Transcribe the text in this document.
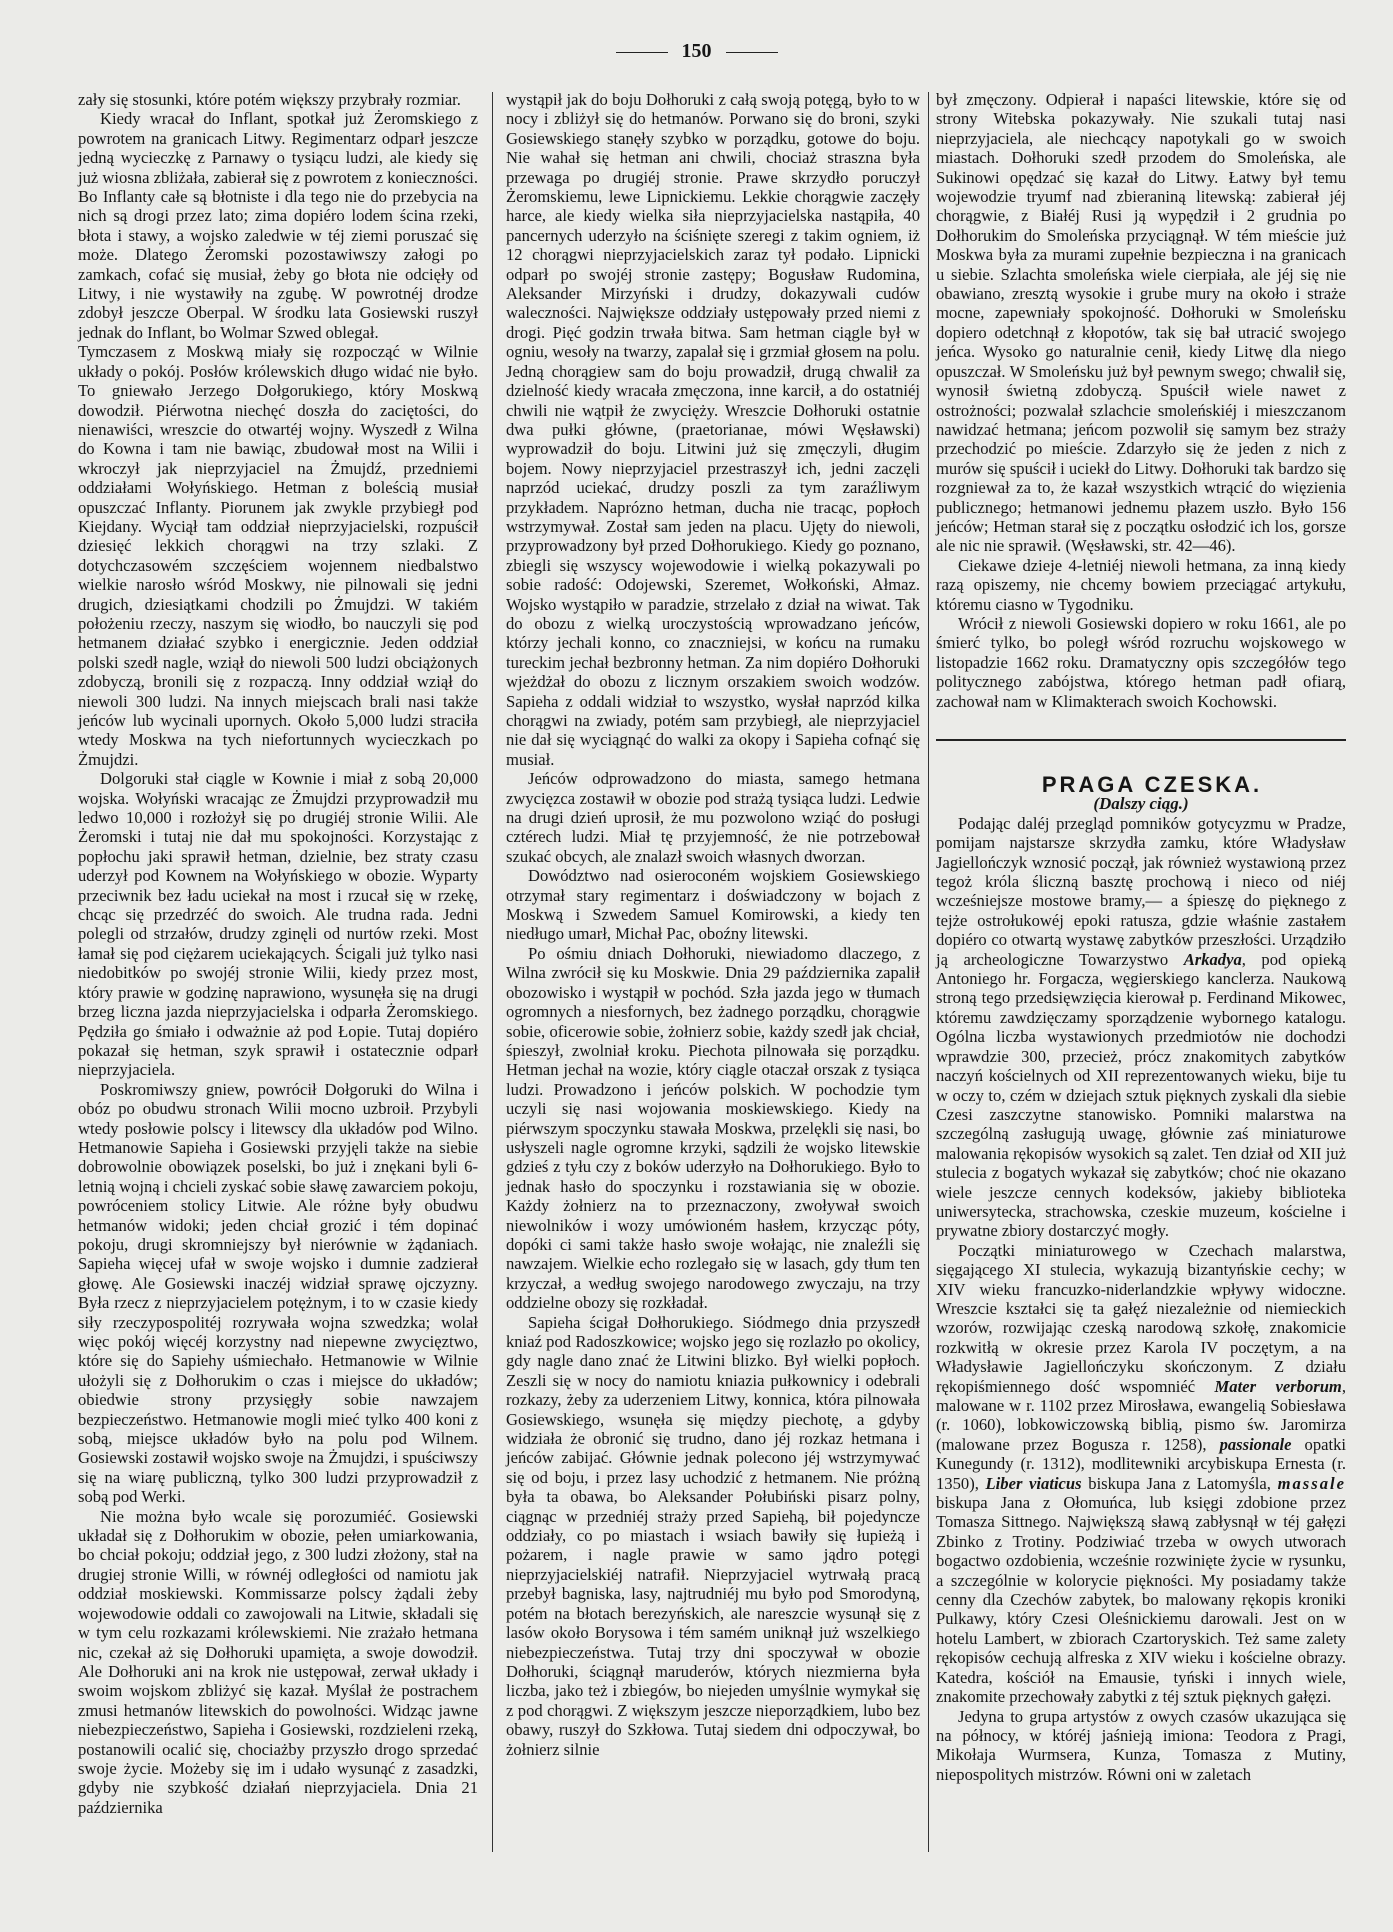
150

zały się stosunki, które potém większy przybrały rozmiar.

Kiedy wracał do Inflant, spotkał już Żeromskiego z powrotem na granicach Litwy. Regimentarz odparł jeszcze jedną wycieczkę z Parnawy o tysiącu ludzi, ale kiedy się już wiosna zbliżała, zabierał się z powrotem z konieczności. Bo Inflanty całe są błotniste i dla tego nie do przebycia na nich są drogi przez lato; zima dopiéro lodem ścina rzeki, błota i stawy, a wojsko zaledwie w téj ziemi poruszać się może. Dlatego Żeromski pozostawiwszy załogi po zamkach, cofać się musiał, żeby go błota nie odcięły od Litwy, i nie wystawiły na zgubę. W powrotnéj drodze zdobył jeszcze Oberpal. W środku lata Gosiewski ruszył jednak do Inflant, bo Wolmar Szwed oblegał.

Tymczasem z Moskwą miały się rozpocząć w Wilnie układy o pokój. Posłów królewskich długo widać nie było. To gniewało Jerzego Dołgorukiego, który Moskwą dowodził. Piérwotna niechęć doszła do zaciętości, do nienawiści, wreszcie do otwartéj wojny. Wyszedł z Wilna do Kowna i tam nie bawiąc, zbudował most na Wilii i wkroczył jak nieprzyjaciel na Żmujdź, przedniemi oddziałami Wołyńskiego. Hetman z boleścią musiał opuszczać Inflanty. Piorunem jak zwykle przybiegł pod Kiejdany. Wyciął tam oddział nieprzyjacielski, rozpuścił dziesięć lekkich chorągwi na trzy szlaki. Z dotychczasowém szczęściem wojennem niedbalstwo wielkie narosło wśród Moskwy, nie pilnowali się jedni drugich, dziesiątkami chodzili po Żmujdzi. W takiém położeniu rzeczy, naszym się wiodło, bo nauczyli się pod hetmanem działać szybko i energicznie. Jeden oddział polski szedł nagle, wziął do niewoli 500 ludzi obciążonych zdobyczą, bronili się z rozpaczą. Inny oddział wziął do niewoli 300 ludzi. Na innych miejscach brali nasi także jeńców lub wycinali upornych. Około 5,000 ludzi straciła wtedy Moskwa na tych niefortunnych wycieczkach po Żmujdzi.

Dolgoruki stał ciągle w Kownie i miał z sobą 20,000 wojska. Wołyński wracając ze Żmujdzi przyprowadził mu ledwo 10,000 i rozłożył się po drugiéj stronie Wilii. Ale Żeromski i tutaj nie dał mu spokojności. Korzystając z popłochu jaki sprawił hetman, dzielnie, bez straty czasu uderzył pod Kownem na Wołyńskiego w obozie. Wyparty przeciwnik bez ładu uciekał na most i rzucał się w rzekę, chcąc się przedrzéć do swoich. Ale trudna rada. Jedni polegli od strzałów, drudzy zginęli od nurtów rzeki. Most łamał się pod ciężarem uciekających. Ścigali już tylko nasi niedobitków po swojéj stronie Wilii, kiedy przez most, który prawie w godzinę naprawiono, wysunęła się na drugi brzeg liczna jazda nieprzyjacielska i odparła Żeromskiego. Pędziła go śmiało i odważnie aż pod Łopie. Tutaj dopiéro pokazał się hetman, szyk sprawił i ostatecznie odparł nieprzyjaciela.

Poskromiwszy gniew, powrócił Dołgoruki do Wilna i obóz po obudwu stronach Wilii mocno uzbroił. Przybyli wtedy posłowie polscy i litewscy dla układów pod Wilno. Hetmanowie Sapieha i Gosiewski przyjęli także na siebie dobrowolnie obowiązek poselski, bo już i znękani byli 6-letnią wojną i chcieli zyskać sobie sławę zawarciem pokoju, powróceniem stolicy Litwie. Ale różne były obudwu hetmanów widoki; jeden chciał grozić i tém dopinać pokoju, drugi skromniejszy był nierównie w żądaniach. Sapieha więcej ufał w swoje wojsko i dumnie zadzierał głowę. Ale Gosiewski inaczéj widział sprawę ojczyzny. Była rzecz z nieprzyjacielem potężnym, i to w czasie kiedy siły rzeczypospolitéj rozrywała wojna szwedzka; wolał więc pokój więcéj korzystny nad niepewne zwycięztwo, które się do Sapiehy uśmiechało. Hetmanowie w Wilnie ułożyli się z Dołhorukim o czas i miejsce do układów; obiedwie strony przysięgły sobie nawzajem bezpieczeństwo. Hetmanowie mogli mieć tylko 400 koni z sobą, miejsce układów było na polu pod Wilnem. Gosiewski zostawił wojsko swoje na Żmujdzi, i spuściwszy się na wiarę publiczną, tylko 300 ludzi przyprowadził z sobą pod Werki.

Nie można było wcale się porozumiéć. Gosiewski układał się z Dołhorukim w obozie, pełen umiarkowania, bo chciał pokoju; oddział jego, z 300 ludzi złożony, stał na drugiej stronie Willi, w równéj odległości od namiotu jak oddział moskiewski. Kommissarze polscy żądali żeby wojewodowie oddali co zawojowali na Litwie, składali się w tym celu rozkazami królewskiemi. Nie zrażało hetmana nic, czekał aż się Dołhoruki upamięta, a swoje dowodził. Ale Dołhoruki ani na krok nie ustępował, zerwał układy i swoim wojskom zbliżyć się kazał. Myślał że postrachem zmusi hetmanów litewskich do powolności. Widząc jawne niebezpieczeństwo, Sapieha i Gosiewski, rozdzieleni rzeką, postanowili ocalić się, chociażby przyszło drogo sprzedać swoje życie. Możeby się im i udało wysunąć z zasadzki, gdyby nie szybkość działań nieprzyjaciela. Dnia 21 października

wystąpił jak do boju Dołhoruki z całą swoją potęgą, było to w nocy i zbliżył się do hetmanów. Porwano się do broni, szyki Gosiewskiego stanęły szybko w porządku, gotowe do boju. Nie wahał się hetman ani chwili, chociaż straszna była przewaga po drugiéj stronie. Prawe skrzydło poruczył Żeromskiemu, lewe Lipnickiemu. Lekkie chorągwie zaczęły harce, ale kiedy wielka siła nieprzyjacielska nastąpiła, 40 pancernych uderzyło na ściśnięte szeregi z takim ogniem, iż 12 chorągwi nieprzyjacielskich zaraz tył podało. Lipnicki odparł po swojéj stronie zastępy; Bogusław Rudomina, Aleksander Mirzyński i drudzy, dokazywali cudów waleczności. Największe oddziały ustępowały przed niemi z drogi. Pięć godzin trwała bitwa. Sam hetman ciągle był w ogniu, wesoły na twarzy, zapalał się i grzmiał głosem na polu. Jedną chorągiew sam do boju prowadził, drugą chwalił za dzielność kiedy wracała zmęczona, inne karcił, a do ostatniéj chwili nie wątpił że zwycięży. Wreszcie Dołhoruki ostatnie dwa pułki główne, (praetorianae, mówi Węsławski) wyprowadził do boju. Litwini już się zmęczyli, długim bojem. Nowy nieprzyjaciel przestraszył ich, jedni zaczęli naprzód uciekać, drudzy poszli za tym zaraźliwym przykładem. Naprózno hetman, ducha nie tracąc, popłoch wstrzymywał. Został sam jeden na placu. Ujęty do niewoli, przyprowadzony był przed Dołhorukiego. Kiedy go poznano, zbiegli się wszyscy wojewodowie i wielką pokazywali po sobie radość: Odojewski, Szeremet, Wołkoński, Ałmaz. Wojsko wystąpiło w paradzie, strzelało z dział na wiwat. Tak do obozu z wielką uroczystością wprowadzano jeńców, którzy jechali konno, co znaczniejsi, w końcu na rumaku tureckim jechał bezbronny hetman. Za nim dopiéro Dołhoruki wjeżdżał do obozu z licznym orszakiem swoich wodzów. Sapieha z oddali widział to wszystko, wysłał naprzód kilka chorągwi na zwiady, potém sam przybiegł, ale nieprzyjaciel nie dał się wyciągnąć do walki za okopy i Sapieha cofnąć się musiał.

Jeńców odprowadzono do miasta, samego hetmana zwycięzca zostawił w obozie pod strażą tysiąca ludzi. Ledwie na drugi dzień uprosił, że mu pozwolono wziąć do posługi cztérech ludzi. Miał tę przyjemność, że nie potrzebował szukać obcych, ale znalazł swoich własnych dworzan.

Dowództwo nad osieroconém wojskiem Gosiewskiego otrzymał stary regimentarz i doświadczony w bojach z Moskwą i Szwedem Samuel Komirowski, a kiedy ten niedługo umarł, Michał Pac, oboźny litewski.

Po ośmiu dniach Dołhoruki, niewiadomo dlaczego, z Wilna zwrócił się ku Moskwie. Dnia 29 października zapalił obozowisko i wystąpił w pochód. Szła jazda jego w tłumach ogromnych a niesfornych, bez żadnego porządku, chorągwie sobie, oficerowie sobie, żołnierz sobie, każdy szedł jak chciał, śpieszył, zwolniał kroku. Piechota pilnowała się porządku. Hetman jechał na wozie, który ciągle otaczał orszak z tysiąca ludzi. Prowadzono i jeńców polskich. W pochodzie tym uczyli się nasi wojowania moskiewskiego. Kiedy na piérwszym spoczynku stawała Moskwa, przelękli się nasi, bo usłyszeli nagle ogromne krzyki, sądzili że wojsko litewskie gdzieś z tyłu czy z boków uderzyło na Dołhorukiego. Było to jednak hasło do spoczynku i rozstawiania się w obozie. Każdy żołnierz na to przeznaczony, zwoływał swoich niewolników i wozy umówioném hasłem, krzycząc póty, dopóki ci sami także hasło swoje wołając, nie znaleźli się nawzajem. Wielkie echo rozlegało się w lasach, gdy tłum ten krzyczał, a według swojego narodowego zwyczaju, na trzy oddzielne obozy się rozkładał.

Sapieha ścigał Dołhorukiego. Siódmego dnia przyszedł kniaź pod Radoszkowice; wojsko jego się rozlazło po okolicy, gdy nagle dano znać że Litwini blizko. Był wielki popłoch. Zeszli się w nocy do namiotu kniazia pułkownicy i odebrali rozkazy, żeby za uderzeniem Litwy, konnica, która pilnowała Gosiewskiego, wsunęła się między piechotę, a gdyby widziała że obronić się trudno, dano jéj rozkaz hetmana i jeńców zabijać. Głównie jednak polecono jéj wstrzymywać się od boju, i przez lasy uchodzić z hetmanem. Nie próżną była ta obawa, bo Aleksander Połubiński pisarz polny, ciągnąc w przedniéj straży przed Sapiehą, bił pojedyncze oddziały, co po miastach i wsiach bawiły się łupieżą i pożarem, i nagle prawie w samo jądro potęgi nieprzyjacielskiéj natrafił. Nieprzyjaciel wytrwałą pracą przebył bagniska, lasy, najtrudniéj mu było pod Smorodyną, potém na błotach berezyńskich, ale nareszcie wysunął się z lasów około Borysowa i tém samém uniknął już wszelkiego niebezpieczeństwa. Tutaj trzy dni spoczywał w obozie Dołhoruki, ściągnął maruderów, których niezmierna była liczba, jako też i zbiegów, bo niejeden umyślnie wymykał się z pod chorągwi. Z większym jeszcze nieporządkiem, lubo bez obawy, ruszył do Szkłowa. Tutaj siedem dni odpoczywał, bo żołnierz silnie

był zmęczony. Odpierał i napaści litewskie, które się od strony Witebska pokazywały. Nie szukali tutaj nasi nieprzyjaciela, ale niechcący napotykali go w swoich miastach. Dołhoruki szedł przodem do Smoleńska, ale Sukinowi opędzać się kazał do Litwy. Łatwy był temu wojewodzie tryumf nad zbieraniną litewską: zabierał jéj chorągwie, z Białéj Rusi ją wypędził i 2 grudnia po Dołhorukim do Smoleńska przyciągnął. W tém mieście już Moskwa była za murami zupełnie bezpieczna i na granicach u siebie. Szlachta smoleńska wiele cierpiała, ale jéj się nie obawiano, zresztą wysokie i grube mury na około i straże mocne, zapewniały spokojność. Dołhoruki w Smoleńsku dopiero odetchnął z kłopotów, tak się bał utracić swojego jeńca. Wysoko go naturalnie cenił, kiedy Litwę dla niego opuszczał. W Smoleńsku już był pewnym swego; chwalił się, wynosił świetną zdobyczą. Spuścił wiele nawet z ostrożności; pozwalał szlachcie smoleńskiéj i mieszczanom nawidzać hetmana; jeńcom pozwolił się samym bez straży przechodzić po mieście. Zdarzyło się że jeden z nich z murów się spuścił i uciekł do Litwy. Dołhoruki tak bardzo się rozgniewał za to, że kazał wszystkich wtrącić do więzienia publicznego; hetmanowi jednemu płazem uszło. Było 156 jeńców; Hetman starał się z początku osłodzić ich los, gorsze ale nic nie sprawił. (Węsławski, str. 42—46).

Ciekawe dzieje 4-letniéj niewoli hetmana, za inną kiedy razą opiszemy, nie chcemy bowiem przeciągać artykułu, któremu ciasno w Tygodniku.

Wrócił z niewoli Gosiewski dopiero w roku 1661, ale po śmierć tylko, bo poległ wśród rozruchu wojskowego w listopadzie 1662 roku. Dramatyczny opis szczegółów tego politycznego zabójstwa, którego hetman padł ofiarą, zachował nam w Klimakterach swoich Kochowski.

PRAGA CZESKA.

(Dalszy ciąg.)

Podając daléj przegląd pomników gotycyzmu w Pradze, pomijam najstarsze skrzydła zamku, które Władysław Jagiellończyk wznosić począł, jak również wystawioną przez tegoż króla śliczną basztę prochową i nieco od niéj wcześniejsze mostowe bramy,— a śpieszę do pięknego z tejże ostrołukowéj epoki ratusza, gdzie właśnie zastałem dopiéro co otwartą wystawę zabytków przeszłości. Urządziło ją archeologiczne Towarzystwo Arkadya, pod opieką Antoniego hr. Forgacza, węgierskiego kanclerza. Naukową stroną tego przedsięwzięcia kierował p. Ferdinand Mikowec, któremu zawdzięczamy sporządzenie wybornego katalogu. Ogólna liczba wystawionych przedmiotów nie dochodzi wprawdzie 300, przecież, prócz znakomitych zabytków naczyń kościelnych od XII reprezentowanych wieku, bije tu w oczy to, czém w dziejach sztuk pięknych zyskali dla siebie Czesi zaszczytne stanowisko. Pomniki malarstwa na szczególną zasługują uwagę, głównie zaś miniaturowe malowania rękopisów wysokich są zalet. Ten dział od XII już stulecia z bogatych wykazał się zabytków; choć nie okazano wiele jeszcze cennych kodeksów, jakieby biblioteka uniwersytecka, strachowska, czeskie muzeum, kościelne i prywatne zbiory dostarczyć mogły.

Początki miniaturowego w Czechach malarstwa, sięgającego XI stulecia, wykazują bizantyńskie cechy; w XIV wieku francuzko-niderlandzkie wpływy widoczne. Wreszcie kształci się ta gałęź niezależnie od niemieckich wzorów, rozwijając czeską narodową szkołę, znakomicie rozkwitłą w okresie przez Karola IV poczętym, a na Władysławie Jagiellończyku skończonym. Z działu rękopiśmiennego dość wspomniéć Mater verborum, malowane w r. 1102 przez Mirosława, ewangelią Sobiesława (r. 1060), lobkowiczowską biblią, pismo św. Jaromirza (malowane przez Bogusza r. 1258), passionale opatki Kunegundy (r. 1312), modlitewniki arcybiskupa Ernesta (r. 1350), Liber viaticus biskupa Jana z Latomyśla, massale biskupa Jana z Ołomuńca, lub księgi zdobione przez Tomasza Sittnego. Największą sławą zabłysnął w téj gałęzi Zbinko z Trotiny. Podziwiać trzeba w owych utworach bogactwo ozdobienia, wcześnie rozwinięte życie w rysunku, a szczególnie w kolorycie piękności. My posiadamy także cenny dla Czechów zabytek, bo malowany rękopis kroniki Pulkawy, który Czesi Oleśnickiemu darowali. Jest on w hotelu Lambert, w zbiorach Czartoryskich. Też same zalety rękopisów cechują alfreska z XIV wieku i kościelne obrazy. Katedra, kościół na Emausie, tyński i innych wiele, znakomite przechowały zabytki z téj sztuk pięknych gałęzi.

Jedyna to grupa artystów z owych czasów ukazująca się na północy, w któréj jaśnieją imiona: Teodora z Pragi, Mikołaja Wurmsera, Kunza, Tomasza z Mutiny, niepospolitych mistrzów. Równi oni w zaletach
